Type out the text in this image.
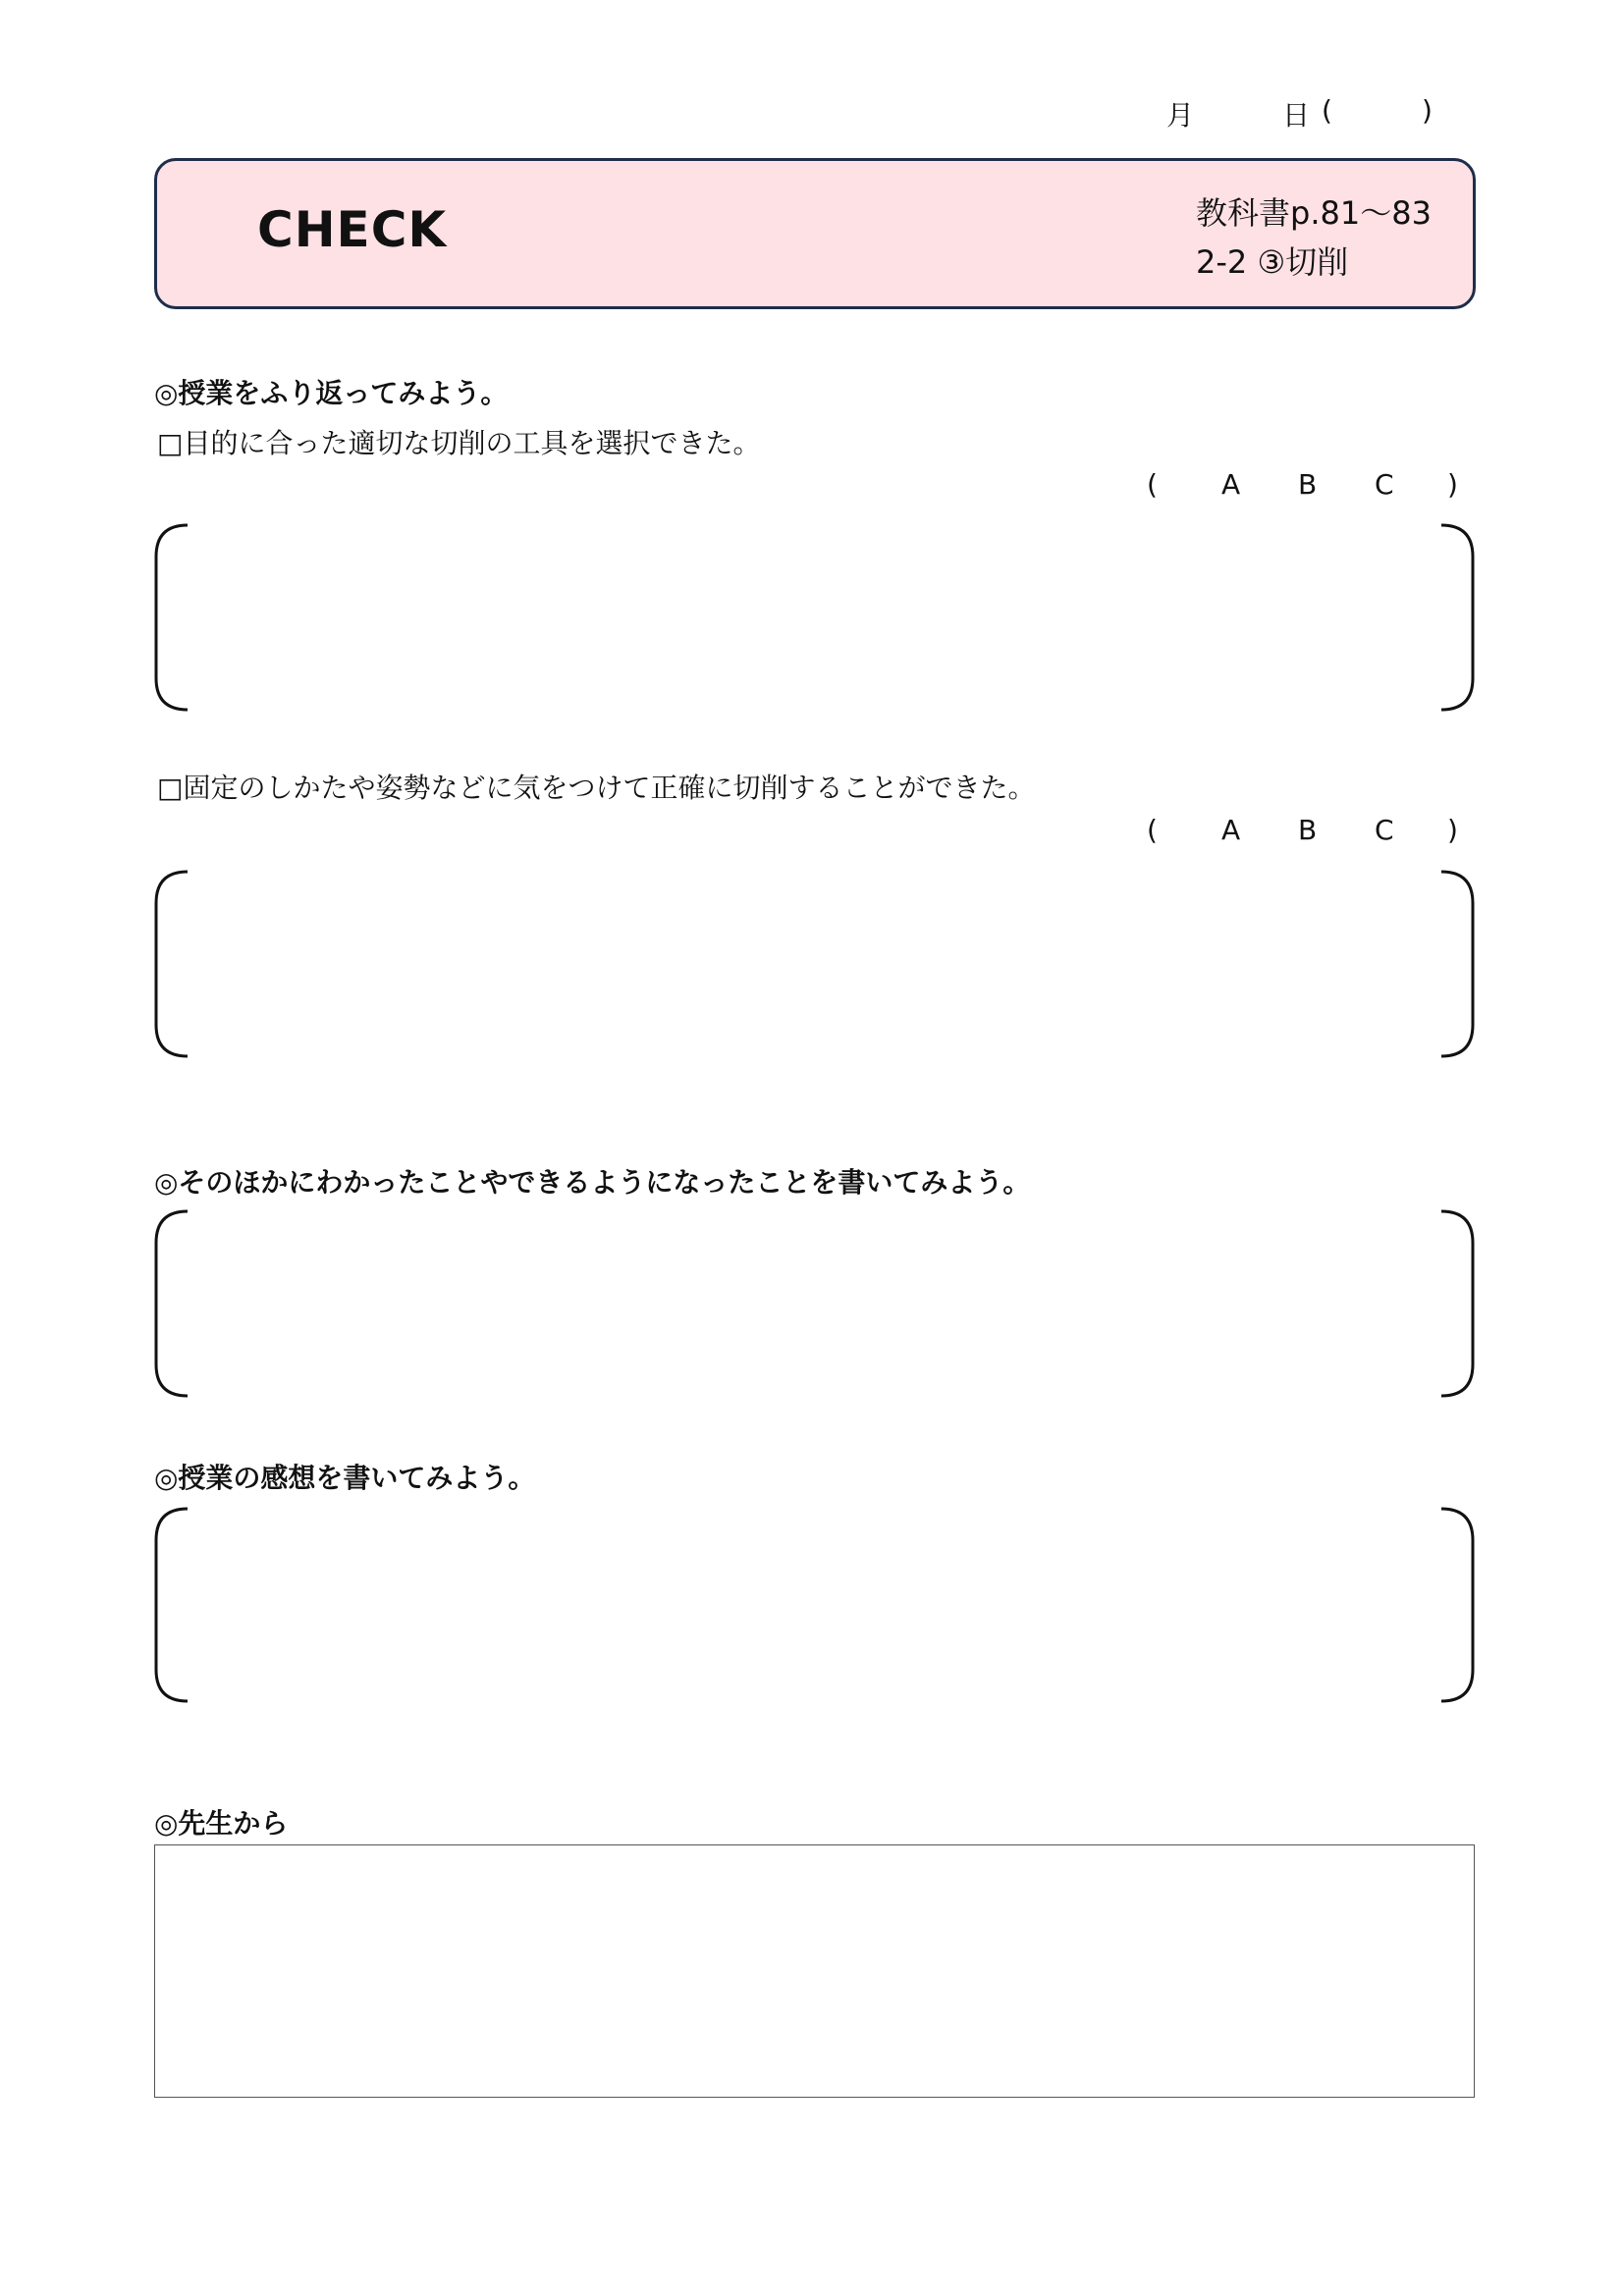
月	日 (	)
CHECK	教科書p.81〜83
2-2 ③切削
◎授業をふり返ってみよう。
□目的に合った適切な切削の工具を選択できた。
( A B C )
□固定のしかたや姿勢などに気をつけて正確に切削することができた。
( A B C )
◎そのほかにわかったことやできるようになったことを書いてみよう。
◎授業の感想を書いてみよう。
◎先生から
